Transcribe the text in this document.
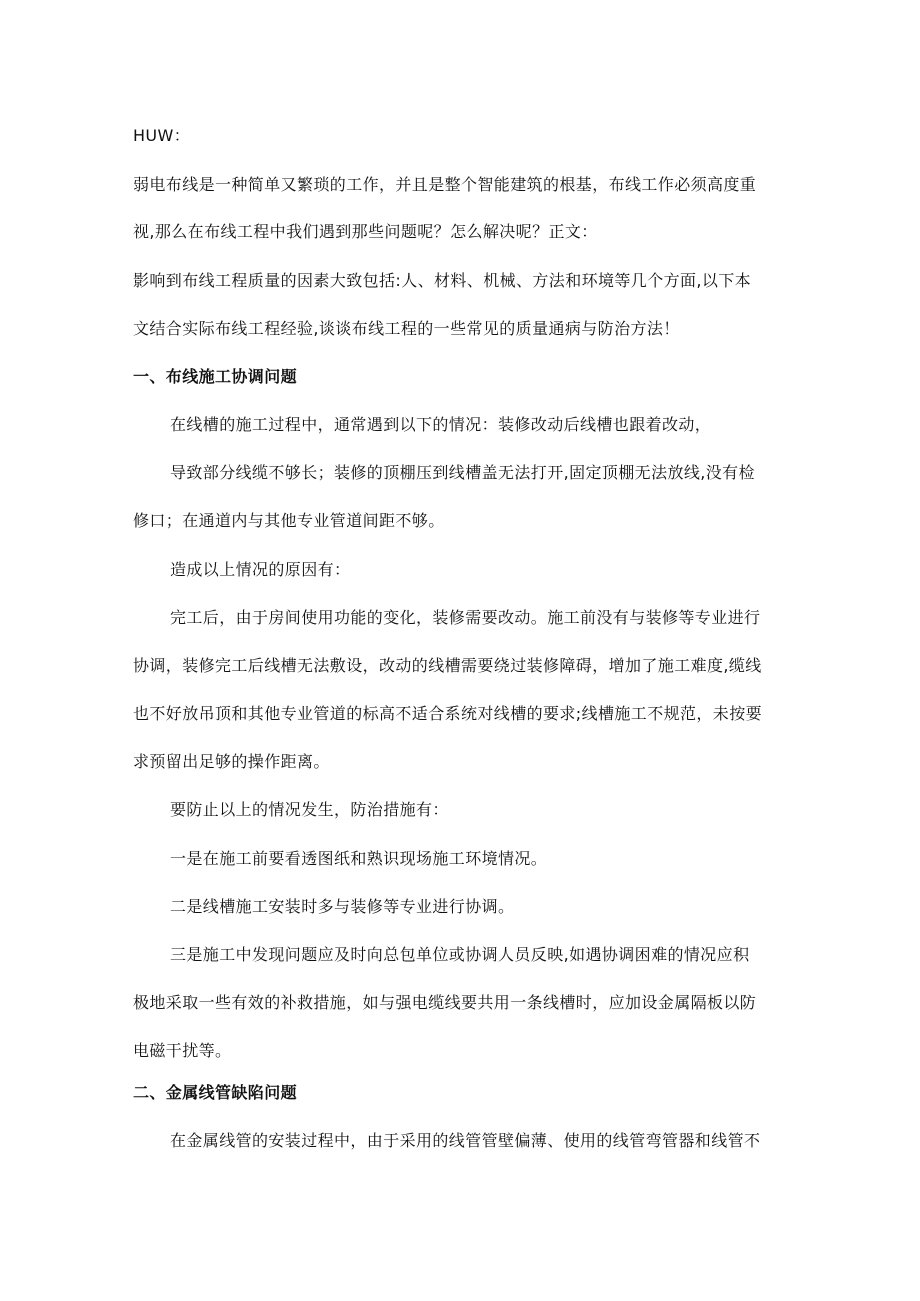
HUW：
弱电布线是一种简单又繁琐的工作，并且是整个智能建筑的根基，布线工作必须高度重
视,那么在布线工程中我们遇到那些问题呢？怎么解决呢？正文：
影响到布线工程质量的因素大致包括:人、材料、机械、方法和环境等几个方面,以下本
文结合实际布线工程经验,谈谈布线工程的一些常见的质量通病与防治方法！
一、布线施工协调问题
在线槽的施工过程中，通常遇到以下的情况：装修改动后线槽也跟着改动，
导致部分线缆不够长；装修的顶棚压到线槽盖无法打开,固定顶棚无法放线,没有检
修口；在通道内与其他专业管道间距不够。
造成以上情况的原因有：
完工后，由于房间使用功能的变化，装修需要改动。施工前没有与装修等专业进行
协调，装修完工后线槽无法敷设，改动的线槽需要绕过装修障碍，增加了施工难度,缆线
也不好放吊顶和其他专业管道的标高不适合系统对线槽的要求;线槽施工不规范，未按要
求预留出足够的操作距离。
要防止以上的情况发生，防治措施有：
一是在施工前要看透图纸和熟识现场施工环境情况。
二是线槽施工安装时多与装修等专业进行协调。
三是施工中发现问题应及时向总包单位或协调人员反映,如遇协调困难的情况应积
极地采取一些有效的补救措施，如与强电缆线要共用一条线槽时，应加设金属隔板以防
电磁干扰等。
二、金属线管缺陷问题
在金属线管的安装过程中，由于采用的线管管壁偏薄、使用的线管弯管器和线管不
